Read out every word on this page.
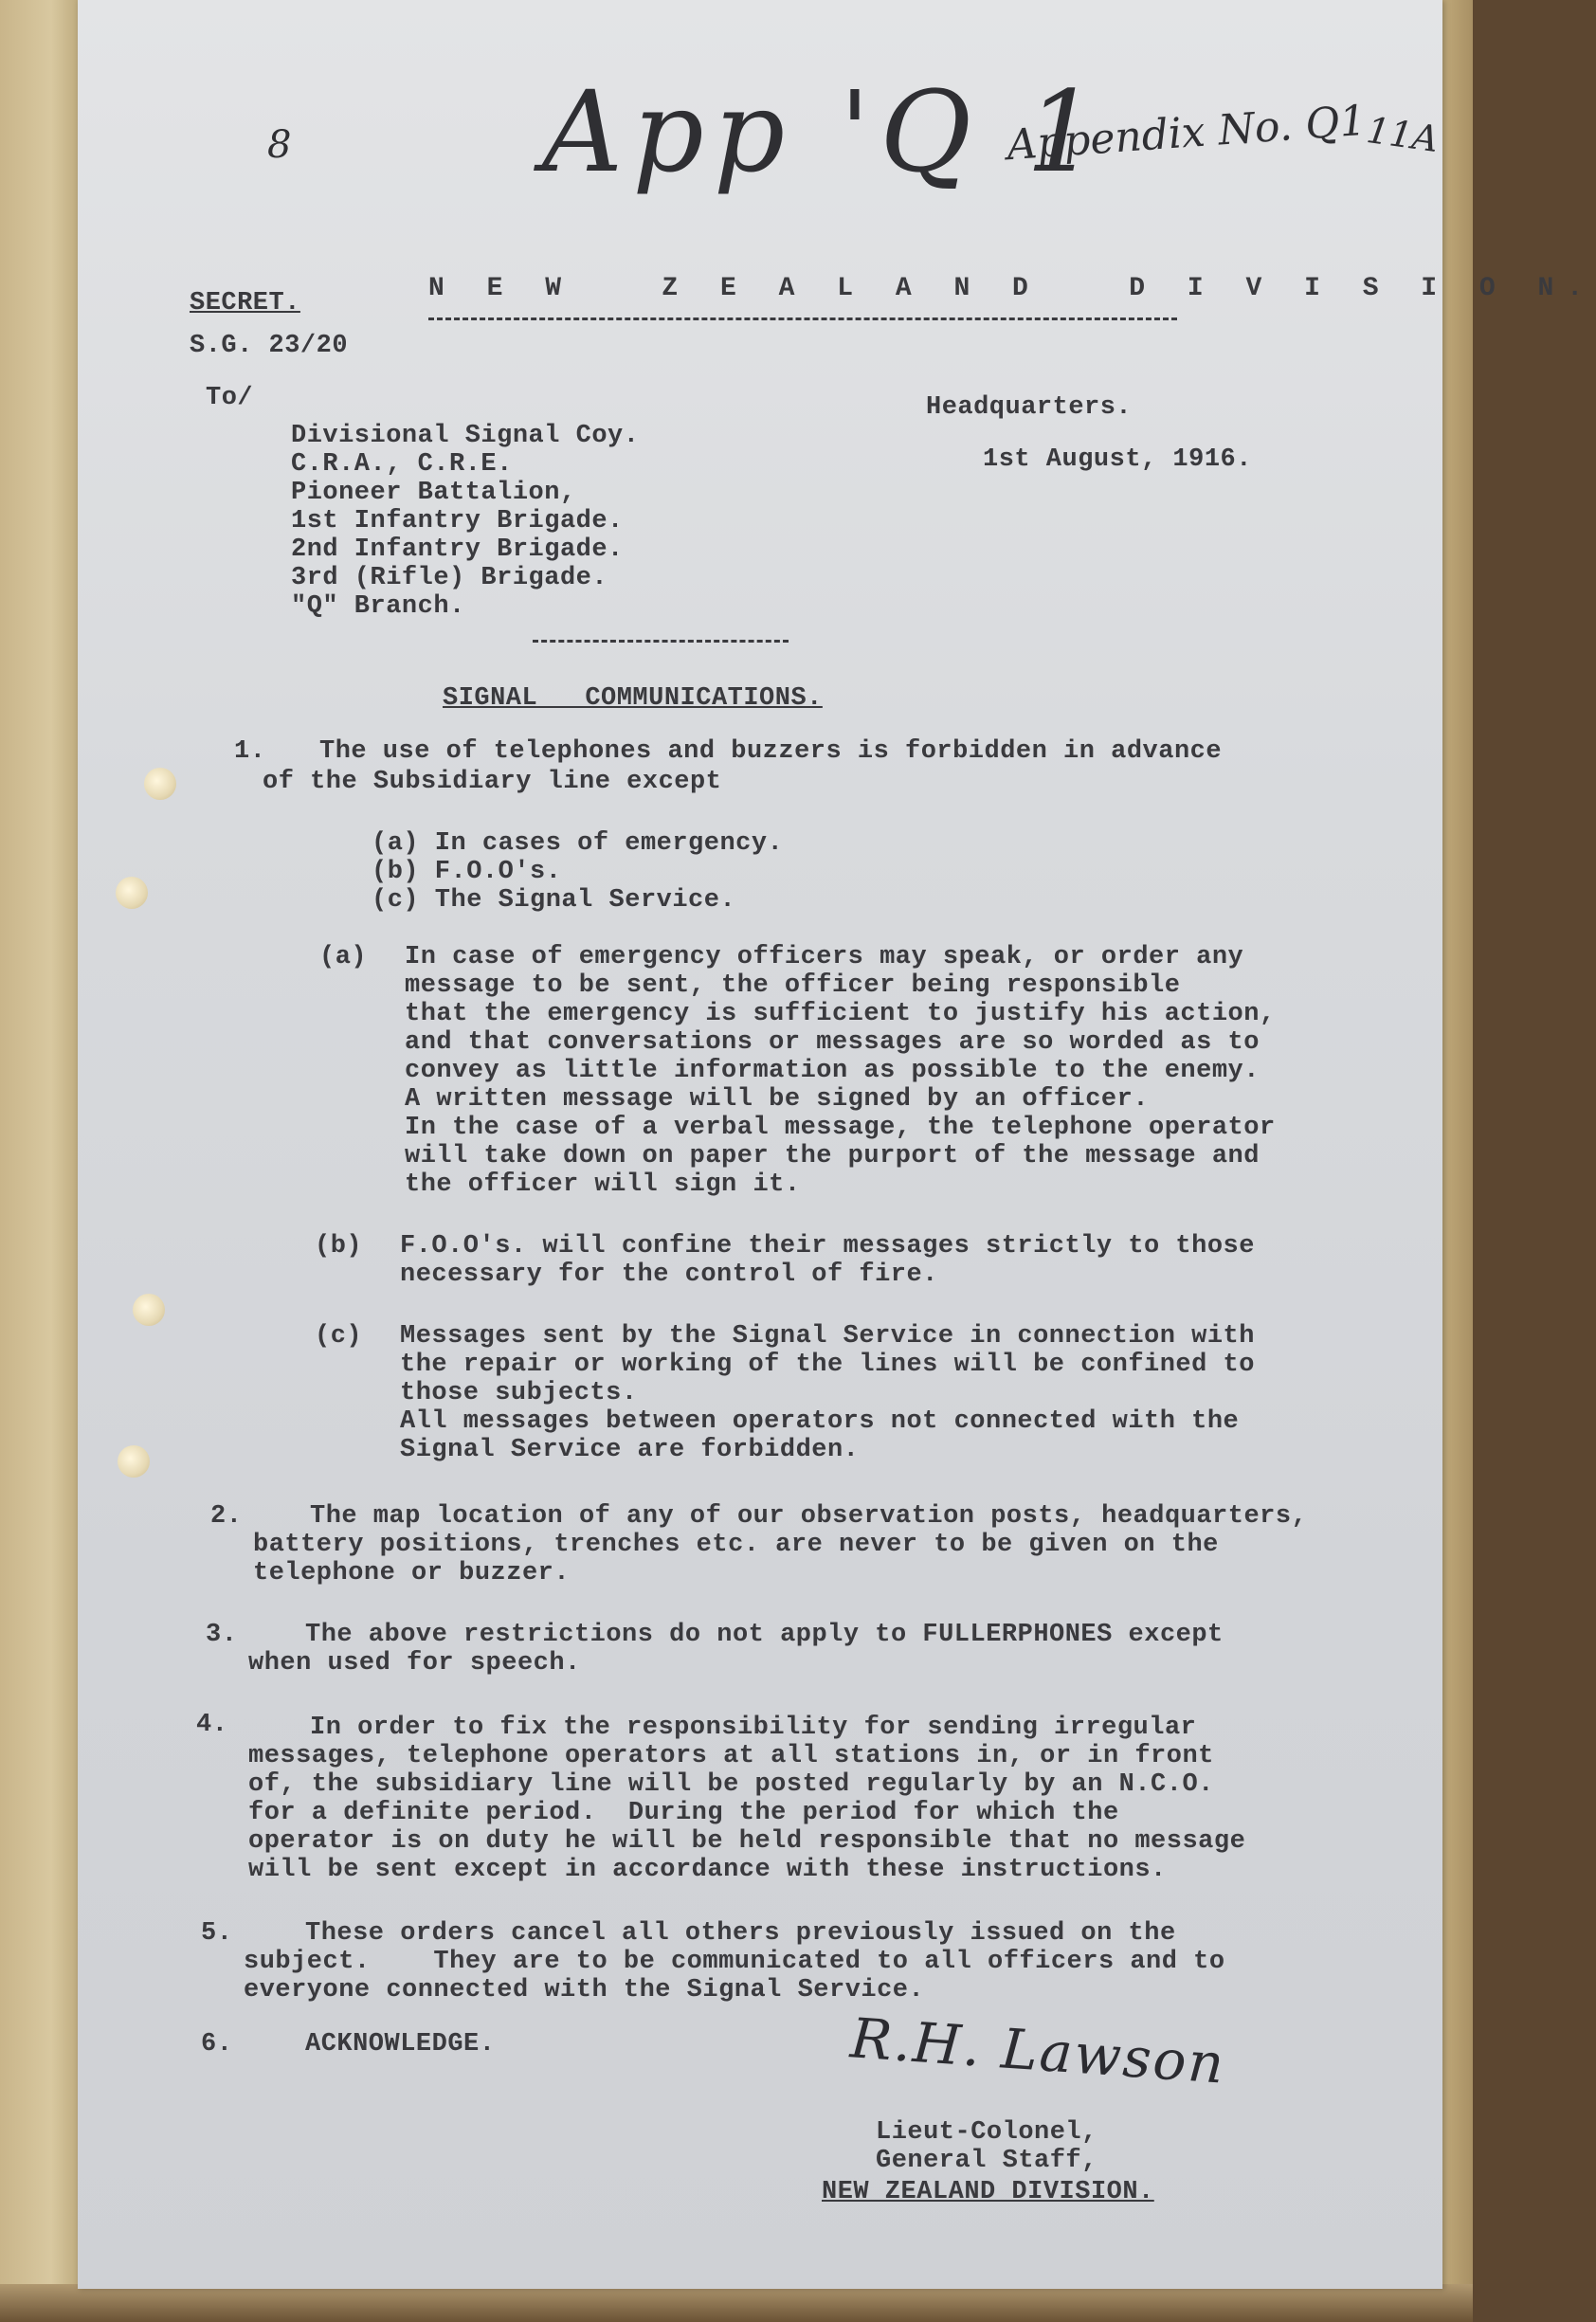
8 App 'Q 1
Appendix No. Q1
11A
N E W   Z E A L A N D   D I V I S I O N.
SECRET.
S.G. 23/20
To/	Headquarters.
1st August, 1916.
Divisional Signal Coy.
C.R.A., C.R.E.
Pioneer Battalion,
1st Infantry Brigade.
2nd Infantry Brigade.
3rd (Rifle) Brigade.
"Q" Branch.
SIGNAL   COMMUNICATIONS.
1. The use of telephones and buzzers is forbidden in advance
of the Subsidiary line except
(a) In cases of emergency.
(b) F.O.O's.
(c) The Signal Service.
(a) In case of emergency officers may speak, or order any
message to be sent, the officer being responsible
that the emergency is sufficient to justify his action,
and that conversations or messages are so worded as to
convey as little information as possible to the enemy.
A written message will be signed by an officer.
In the case of a verbal message, the telephone operator
will take down on paper the purport of the message and
the officer will sign it.
(b) F.O.O's. will confine their messages strictly to those
necessary for the control of fire.
(c) Messages sent by the Signal Service in connection with
the repair or working of the lines will be confined to
those subjects.
All messages between operators not connected with the
Signal Service are forbidden.
2.	The map location of any of our observation posts, headquarters,
battery positions, trenches etc. are never to be given on the
telephone or buzzer.
3.	The above restrictions do not apply to FULLERPHONES except
when used for speech.
4.	In order to fix the responsibility for sending irregular
messages, telephone operators at all stations in, or in front
of, the subsidiary line will be posted regularly by an N.C.O.
for a definite period.  During the period for which the
operator is on duty he will be held responsible that no message
will be sent except in accordance with these instructions.
5.	These orders cancel all others previously issued on the
subject.    They are to be communicated to all officers and to
everyone connected with the Signal Service.
6.	ACKNOWLEDGE.	R.H. Lawson
Lieut-Colonel,
General Staff,
NEW ZEALAND DIVISION.
